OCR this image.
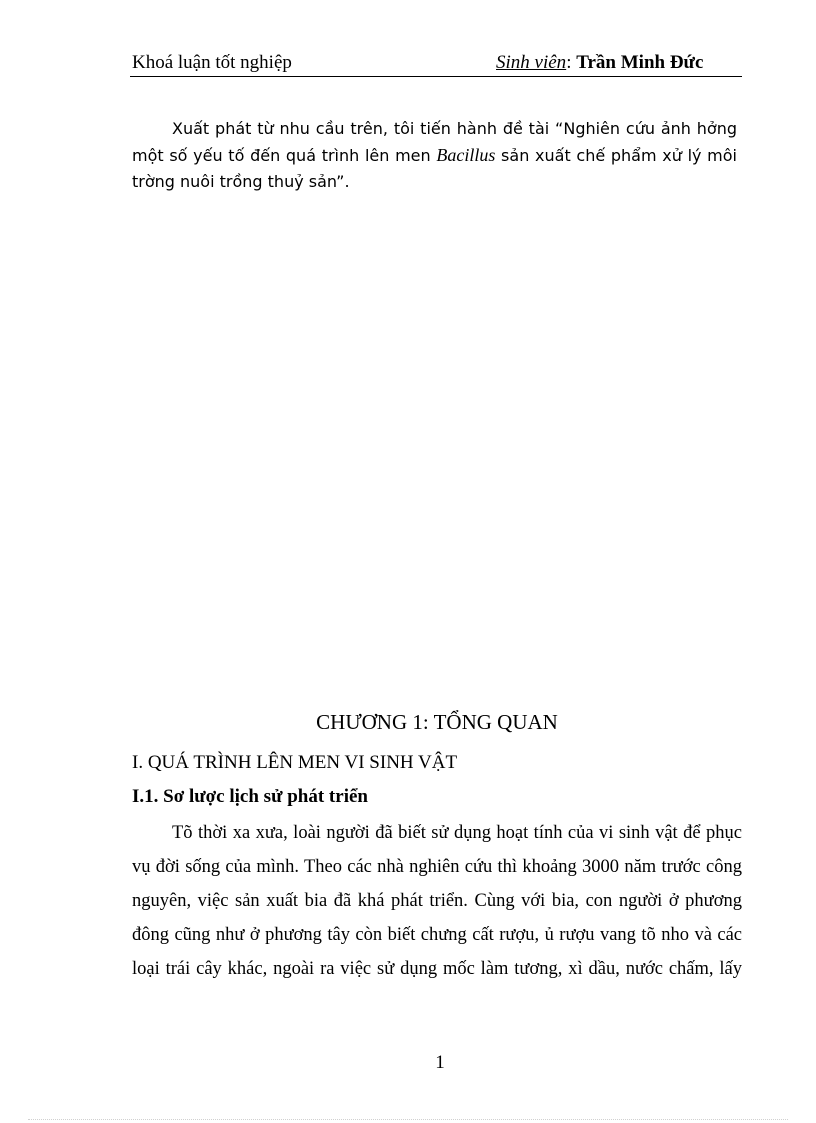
Khoá luận tốt nghiệp	Sinh viên: Trần Minh Đức

Xuất phát từ nhu cầu trên, tôi tiến hành đề tài “Nghiên cứu ảnh hởng một số yếu tố đến quá trình lên men Bacillus sản xuất chế phẩm xử lý môi trờng nuôi trồng thuỷ sản”.

CHƯƠNG 1: TỔNG QUAN
I. QUÁ TRÌNH LÊN MEN VI SINH VẬT
I.1. Sơ lược lịch sử phát triển

Tõ thời xa xưa, loài người đã biết sử dụng hoạt tính của vi sinh vật để phục vụ đời sống của mình. Theo các nhà nghiên cứu thì khoảng 3000 năm trước công nguyên, việc sản xuất bia đã khá phát triển. Cùng với bia, con người ở phương đông cũng như ở phương tây còn biết chưng cất rượu, ủ rượu vang tõ nho và các loại trái cây khác, ngoài ra việc sử dụng mốc làm tương, xì dầu, nước chấm, lấy

1
